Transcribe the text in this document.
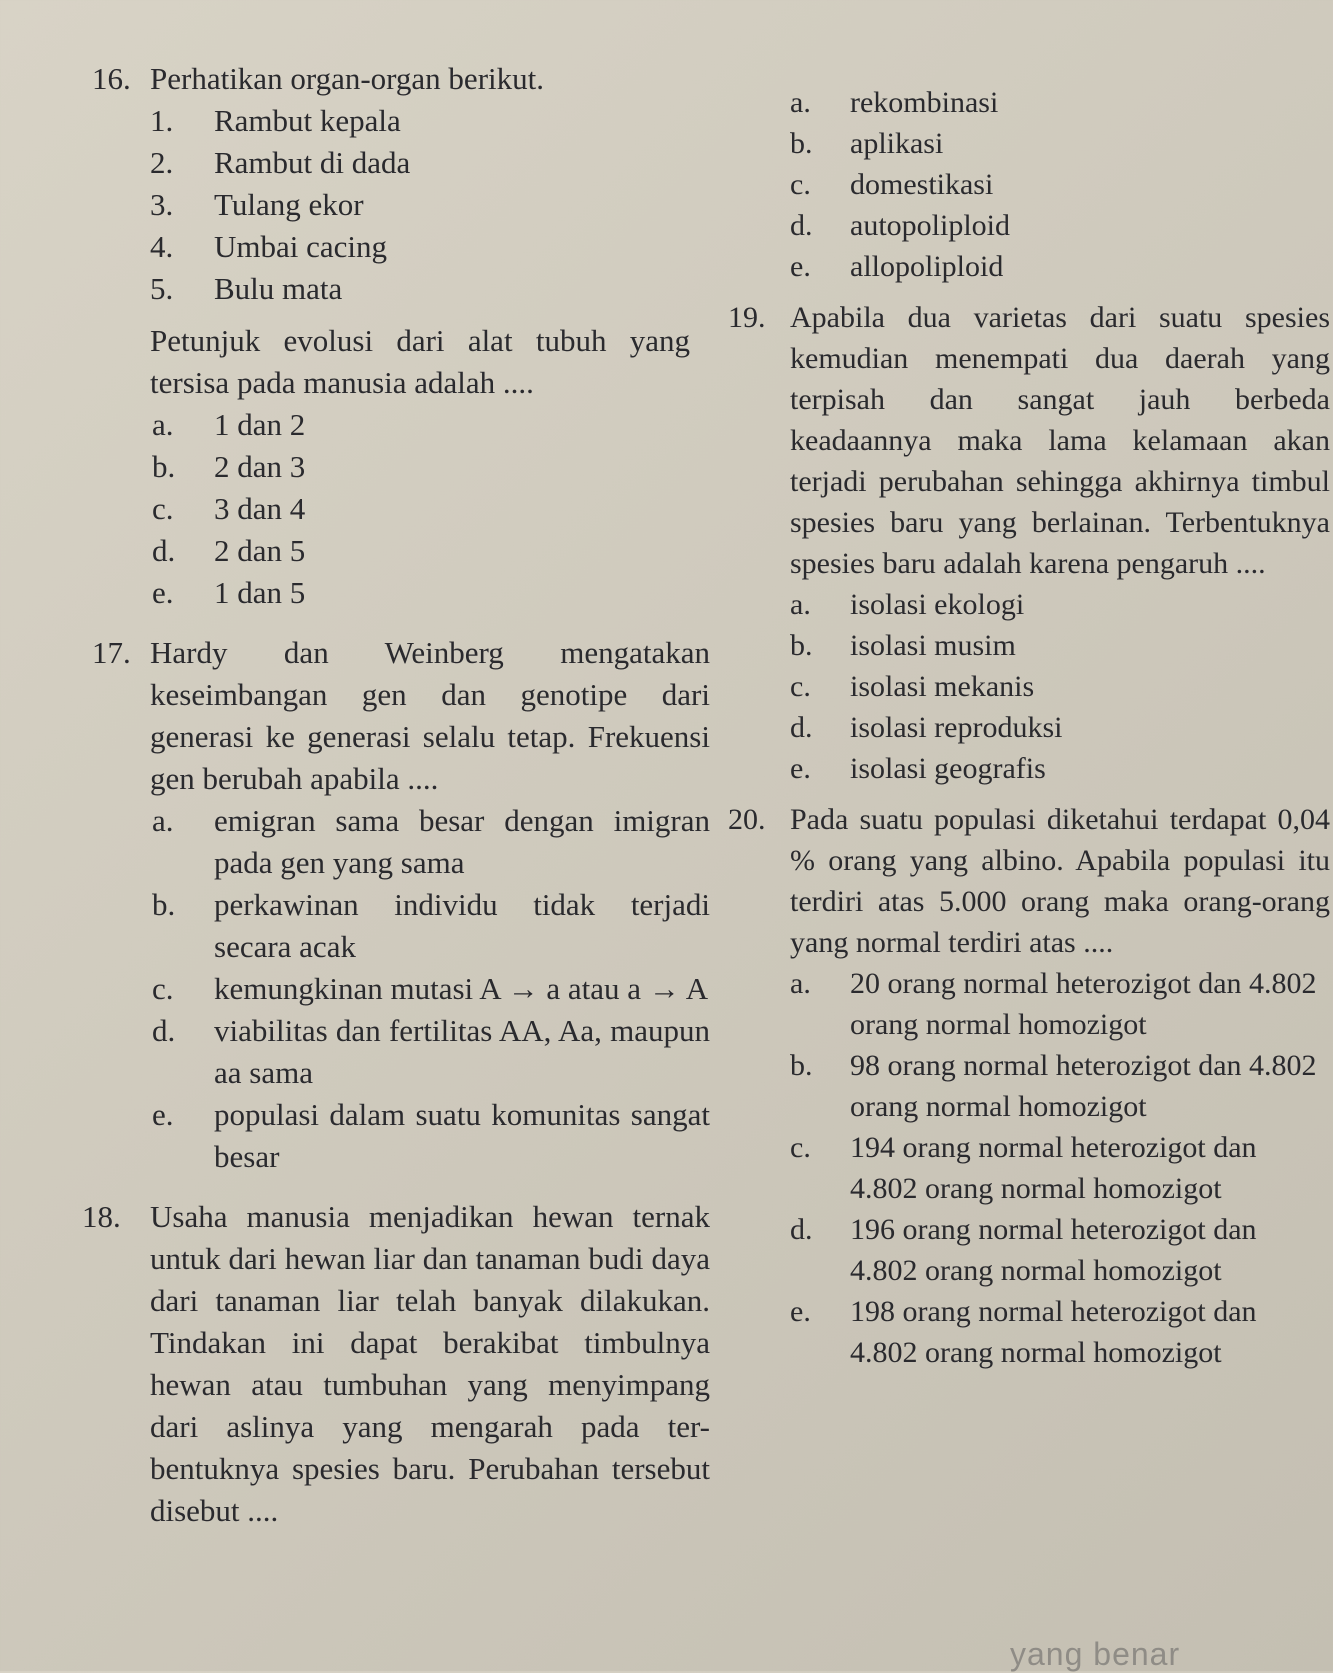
16. Perhatikan organ-organ berikut.
1. Rambut kepala
2. Rambut di dada
3. Tulang ekor
4. Umbai cacing
5. Bulu mata
Petunjuk evolusi dari alat tubuh yang tersisa pada manusia adalah ....
a. 1 dan 2
b. 2 dan 3
c. 3 dan 4
d. 2 dan 5
e. 1 dan 5
17. Hardy dan Weinberg mengatakan keseimbangan gen dan genotipe dari generasi ke generasi selalu tetap. Frekuensi gen berubah apabila ....
a. emigran sama besar dengan imigran pada gen yang sama
b. perkawinan individu tidak terjadi secara acak
c. kemungkinan mutasi A → a atau a → A
d. viabilitas dan fertilitas AA, Aa, maupun aa sama
e. populasi dalam suatu komunitas sangat besar
18. Usaha manusia menjadikan hewan ternak untuk dari hewan liar dan tanaman budi daya dari tanaman liar telah banyak dilakukan. Tindakan ini dapat berakibat timbulnya hewan atau tumbuhan yang menyimpang dari aslinya yang mengarah pada ter-bentuknya spesies baru. Perubahan tersebut disebut ....
a. rekombinasi
b. aplikasi
c. domestikasi
d. autopoliploid
e. allopoliploid
19. Apabila dua varietas dari suatu spesies kemudian menempati dua daerah yang terpisah dan sangat jauh berbeda keadaannya maka lama kelamaan akan terjadi perubahan sehingga akhirnya timbul spesies baru yang berlainan. Terbentuknya spesies baru adalah karena pengaruh ....
a. isolasi ekologi
b. isolasi musim
c. isolasi mekanis
d. isolasi reproduksi
e. isolasi geografis
20. Pada suatu populasi diketahui terdapat 0,04 % orang yang albino. Apabila populasi itu terdiri atas 5.000 orang maka orang-orang yang normal terdiri atas ....
a. 20 orang normal heterozigot dan 4.802 orang normal homozigot
b. 98 orang normal heterozigot dan 4.802 orang normal homozigot
c. 194 orang normal heterozigot dan 4.802 orang normal homozigot
d. 196 orang normal heterozigot dan 4.802 orang normal homozigot
e. 198 orang normal heterozigot dan 4.802 orang normal homozigot
yang benar
